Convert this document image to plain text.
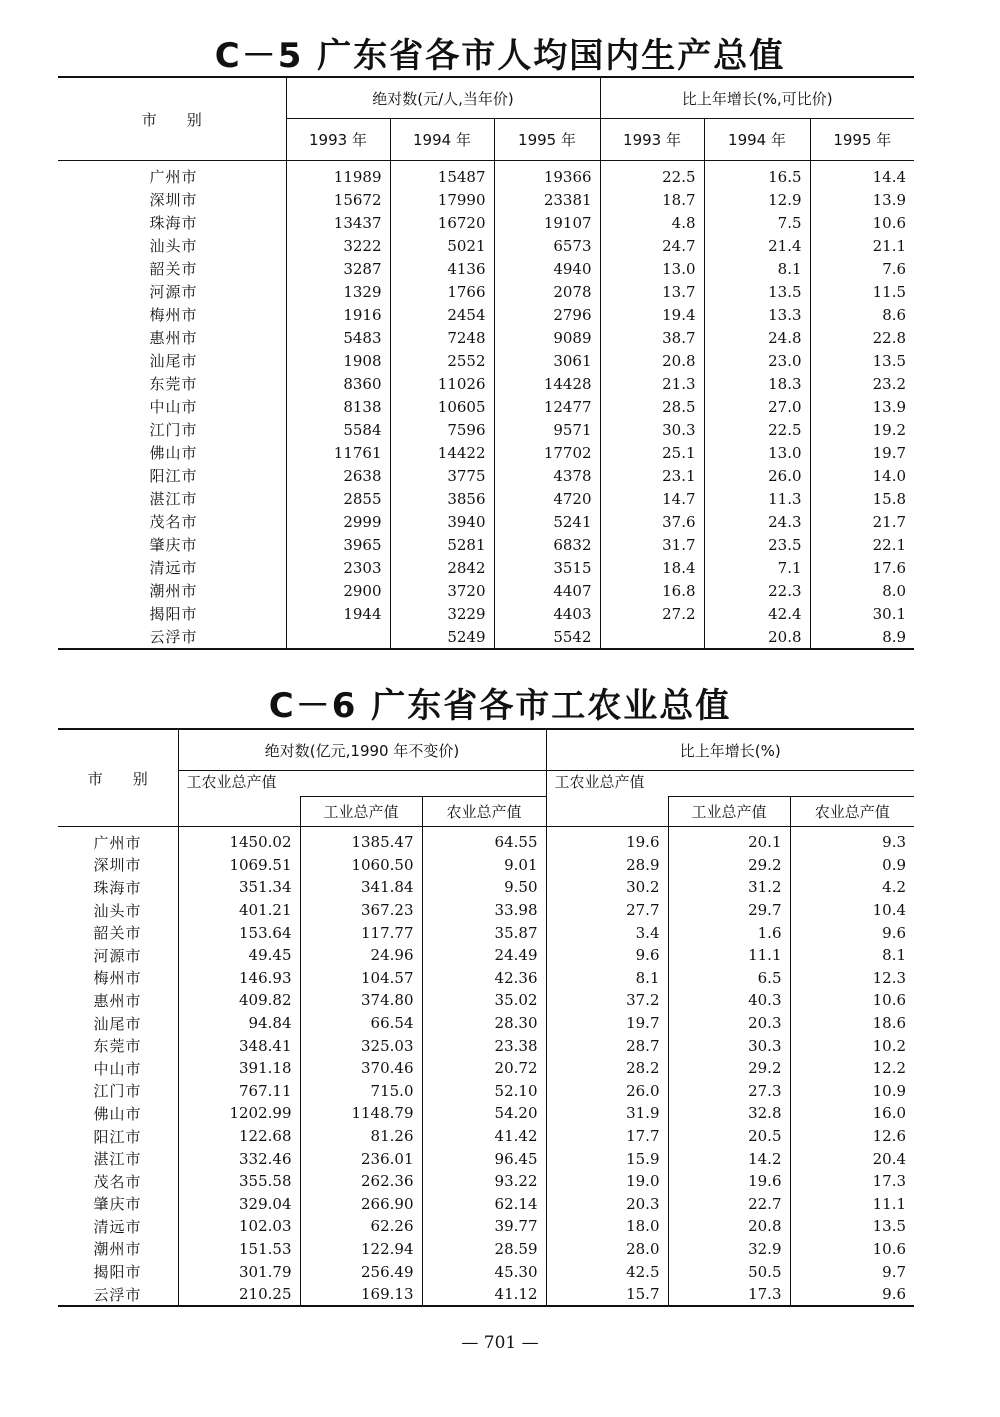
C－5 广东省各市人均国内生产总值
市　　别	绝对数(元/人,当年价)			比上年增长(%,可比价)		
	1993 年	1994 年	1995 年	1993 年	1994 年	1995 年
广州市	11989	15487	19366	22.5	16.5	14.4
深圳市	15672	17990	23381	18.7	12.9	13.9
珠海市	13437	16720	19107	4.8	7.5	10.6
汕头市	3222	5021	6573	24.7	21.4	21.1
韶关市	3287	4136	4940	13.0	8.1	7.6
河源市	1329	1766	2078	13.7	13.5	11.5
梅州市	1916	2454	2796	19.4	13.3	8.6
惠州市	5483	7248	9089	38.7	24.8	22.8
汕尾市	1908	2552	3061	20.8	23.0	13.5
东莞市	8360	11026	14428	21.3	18.3	23.2
中山市	8138	10605	12477	28.5	27.0	13.9
江门市	5584	7596	9571	30.3	22.5	19.2
佛山市	11761	14422	17702	25.1	13.0	19.7
阳江市	2638	3775	4378	23.1	26.0	14.0
湛江市	2855	3856	4720	14.7	11.3	15.8
茂名市	2999	3940	5241	37.6	24.3	21.7
肇庆市	3965	5281	6832	31.7	23.5	22.1
清远市	2303	2842	3515	18.4	7.1	17.6
潮州市	2900	3720	4407	16.8	22.3	8.0
揭阳市	1944	3229	4403	27.2	42.4	30.1
云浮市		5249	5542		20.8	8.9
C－6 广东省各市工农业总值
市　　别	绝对数(亿元,1990 年不变价)			比上年增长(%)		
	工农业总产值			工农业总产值		
		工业总产值	农业总产值		工业总产值	农业总产值
广州市	1450.02	1385.47	64.55	19.6	20.1	9.3
深圳市	1069.51	1060.50	9.01	28.9	29.2	0.9
珠海市	351.34	341.84	9.50	30.2	31.2	4.2
汕头市	401.21	367.23	33.98	27.7	29.7	10.4
韶关市	153.64	117.77	35.87	3.4	1.6	9.6
河源市	49.45	24.96	24.49	9.6	11.1	8.1
梅州市	146.93	104.57	42.36	8.1	6.5	12.3
惠州市	409.82	374.80	35.02	37.2	40.3	10.6
汕尾市	94.84	66.54	28.30	19.7	20.3	18.6
东莞市	348.41	325.03	23.38	28.7	30.3	10.2
中山市	391.18	370.46	20.72	28.2	29.2	12.2
江门市	767.11	715.0	52.10	26.0	27.3	10.9
佛山市	1202.99	1148.79	54.20	31.9	32.8	16.0
阳江市	122.68	81.26	41.42	17.7	20.5	12.6
湛江市	332.46	236.01	96.45	15.9	14.2	20.4
茂名市	355.58	262.36	93.22	19.0	19.6	17.3
肇庆市	329.04	266.90	62.14	20.3	22.7	11.1
清远市	102.03	62.26	39.77	18.0	20.8	13.5
潮州市	151.53	122.94	28.59	28.0	32.9	10.6
揭阳市	301.79	256.49	45.30	42.5	50.5	9.7
云浮市	210.25	169.13	41.12	15.7	17.3	9.6
— 701 —
